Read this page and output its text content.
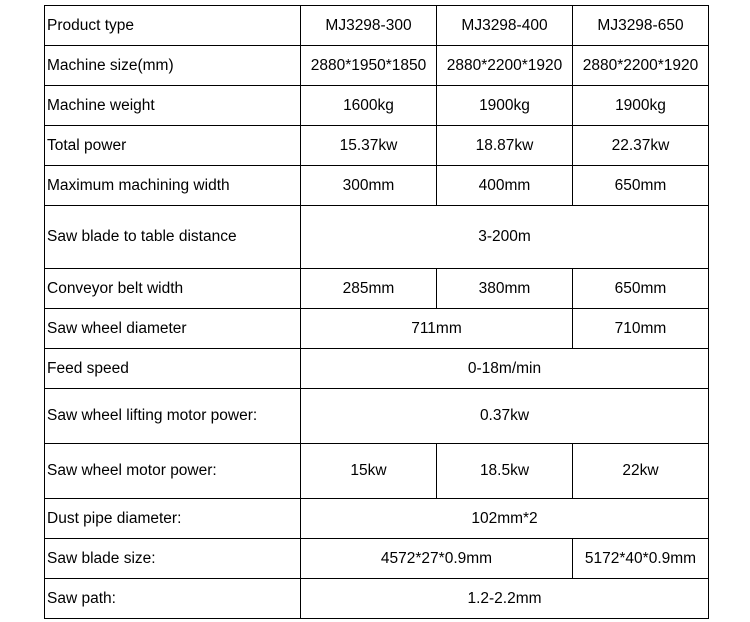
Product type	MJ3298-300	MJ3298-400	MJ3298-650
Machine size(mm)	2880*1950*1850	2880*2200*1920	2880*2200*1920
Machine weight	1600kg	1900kg	1900kg
Total power	15.37kw	18.87kw	22.37kw
Maximum machining width	300mm	400mm	650mm
Saw blade to table distance	3-200m		
Conveyor belt width	285mm	380mm	650mm
Saw wheel diameter	711mm		710mm
Feed speed	0-18m/min		
Saw wheel lifting motor power:	0.37kw		
Saw wheel motor power:	15kw	18.5kw	22kw
Dust pipe diameter:	102mm*2		
Saw blade size:	4572*27*0.9mm		5172*40*0.9mm
Saw path:	1.2-2.2mm		
